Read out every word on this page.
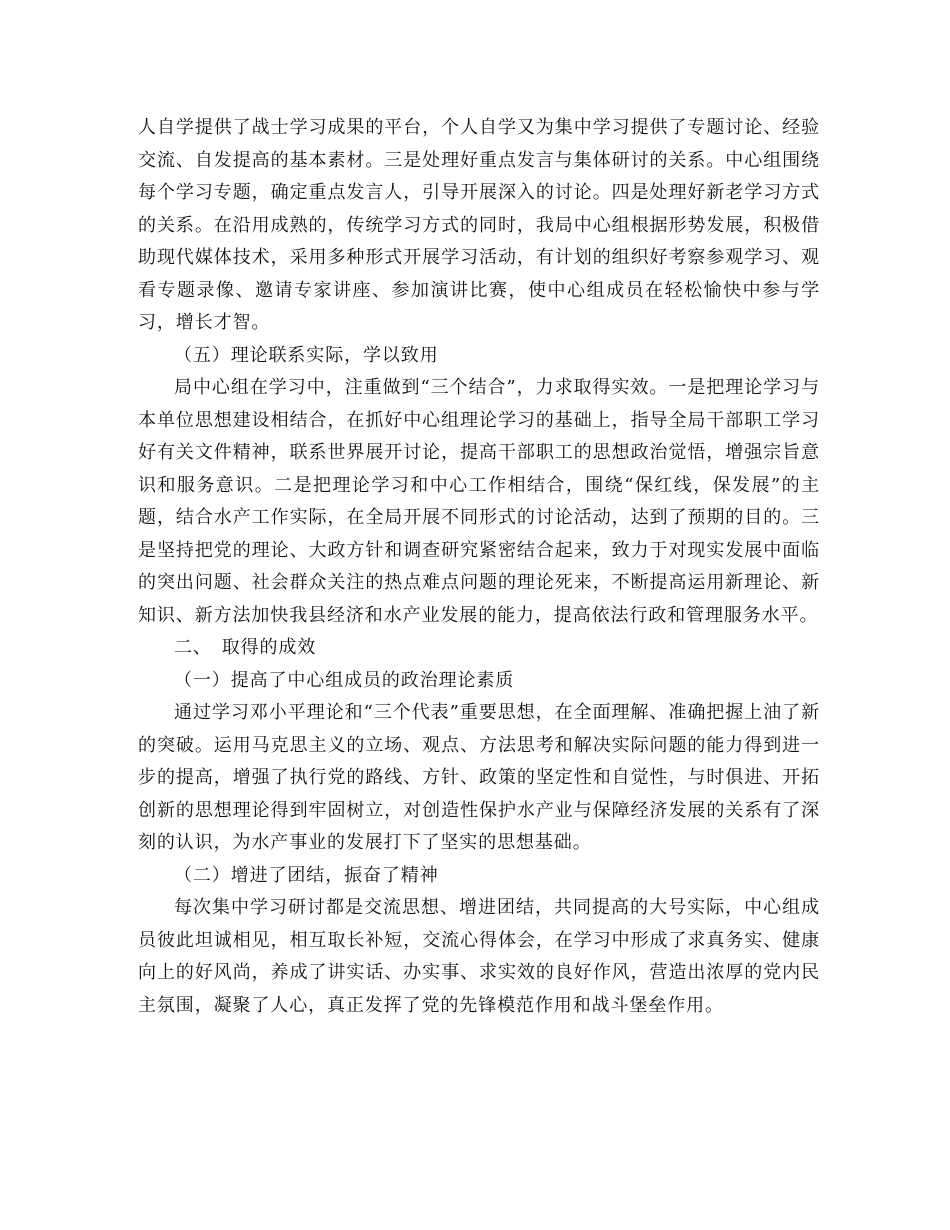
人自学提供了战士学习成果的平台，个人自学又为集中学习提供了专题讨论、经验交流、自发提高的基本素材。三是处理好重点发言与集体研讨的关系。中心组围绕每个学习专题，确定重点发言人，引导开展深入的讨论。四是处理好新老学习方式的关系。在沿用成熟的，传统学习方式的同时，我局中心组根据形势发展，积极借助现代媒体技术，采用多种形式开展学习活动，有计划的组织好考察参观学习、观看专题录像、邀请专家讲座、参加演讲比赛，使中心组成员在轻松愉快中参与学习，增长才智。

（五）理论联系实际，学以致用

局中心组在学习中，注重做到“三个结合”，力求取得实效。一是把理论学习与本单位思想建设相结合，在抓好中心组理论学习的基础上，指导全局干部职工学习好有关文件精神，联系世界展开讨论，提高干部职工的思想政治觉悟，增强宗旨意识和服务意识。二是把理论学习和中心工作相结合，围绕“保红线，保发展”的主题，结合水产工作实际，在全局开展不同形式的讨论活动，达到了预期的目的。三是坚持把党的理论、大政方针和调查研究紧密结合起来，致力于对现实发展中面临的突出问题、社会群众关注的热点难点问题的理论死来，不断提高运用新理论、新知识、新方法加快我县经济和水产业发展的能力，提高依法行政和管理服务水平。

二、　取得的成效

（一）提高了中心组成员的政治理论素质

通过学习邓小平理论和“三个代表”重要思想，在全面理解、准确把握上油了新的突破。运用马克思主义的立场、观点、方法思考和解决实际问题的能力得到进一步的提高，增强了执行党的路线、方针、政策的坚定性和自觉性，与时俱进、开拓创新的思想理论得到牢固树立，对创造性保护水产业与保障经济发展的关系有了深刻的认识，为水产事业的发展打下了坚实的思想基础。

（二）增进了团结，振奋了精神

每次集中学习研讨都是交流思想、增进团结，共同提高的大号实际，中心组成员彼此坦诚相见，相互取长补短，交流心得体会，在学习中形成了求真务实、健康向上的好风尚，养成了讲实话、办实事、求实效的良好作风，营造出浓厚的党内民主氛围，凝聚了人心，真正发挥了党的先锋模范作用和战斗堡垒作用。
